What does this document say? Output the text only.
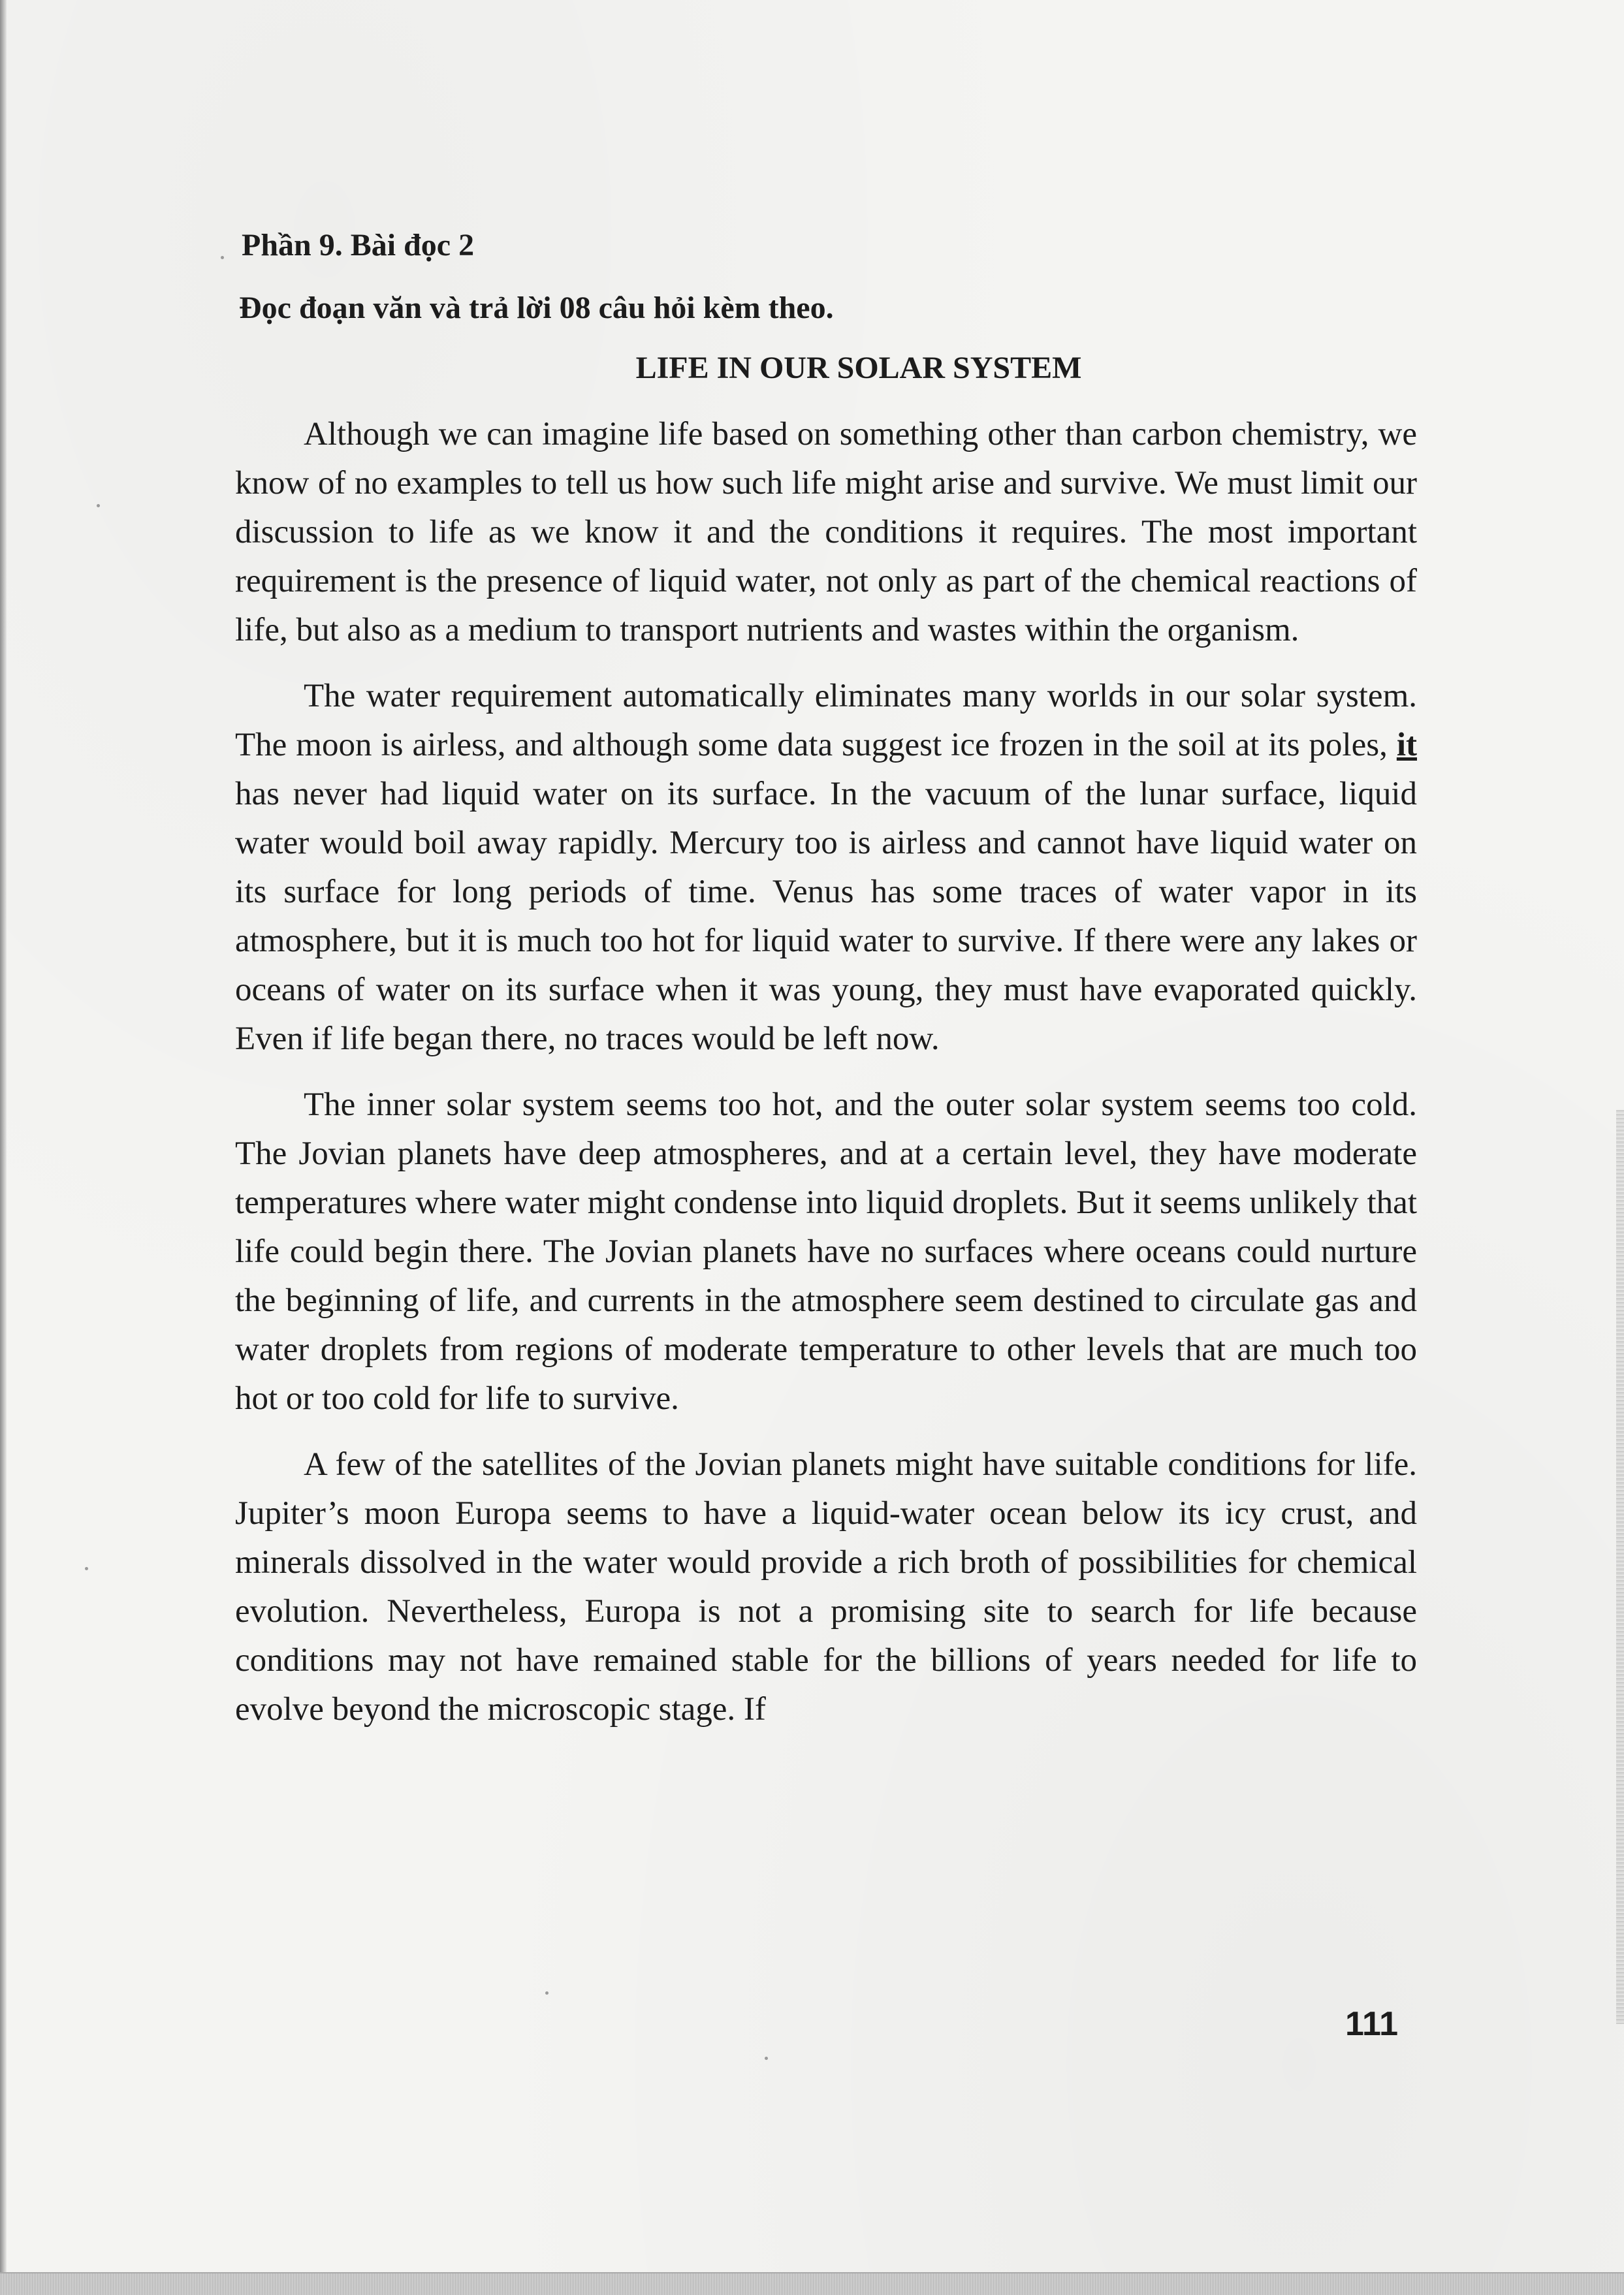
Phần 9. Bài đọc 2
Đọc đoạn văn và trả lời 08 câu hỏi kèm theo.
LIFE IN OUR SOLAR SYSTEM

Although we can imagine life based on something other than carbon chemistry, we know of no examples to tell us how such life might arise and survive. We must limit our discussion to life as we know it and the conditions it requires. The most important requirement is the presence of liquid water, not only as part of the chemical reactions of life, but also as a medium to transport nutrients and wastes within the organism.

The water requirement automatically eliminates many worlds in our solar system. The moon is airless, and although some data suggest ice frozen in the soil at its poles, it has never had liquid water on its surface. In the vacuum of the lunar surface, liquid water would boil away rapidly. Mercury too is airless and cannot have liquid water on its surface for long periods of time. Venus has some traces of water vapor in its atmosphere, but it is much too hot for liquid water to survive. If there were any lakes or oceans of water on its surface when it was young, they must have evaporated quickly. Even if life began there, no traces would be left now.

The inner solar system seems too hot, and the outer solar system seems too cold. The Jovian planets have deep atmospheres, and at a certain level, they have moderate temperatures where water might condense into liquid droplets. But it seems unlikely that life could begin there. The Jovian planets have no surfaces where oceans could nurture the beginning of life, and currents in the atmosphere seem destined to circulate gas and water droplets from regions of moderate temperature to other levels that are much too hot or too cold for life to survive.

A few of the satellites of the Jovian planets might have suitable conditions for life. Jupiter’s moon Europa seems to have a liquid-water ocean below its icy crust, and minerals dissolved in the water would provide a rich broth of possibilities for chemical evolution. Nevertheless, Europa is not a promising site to search for life because conditions may not have remained stable for the billions of years needed for life to evolve beyond the microscopic stage. If

111
